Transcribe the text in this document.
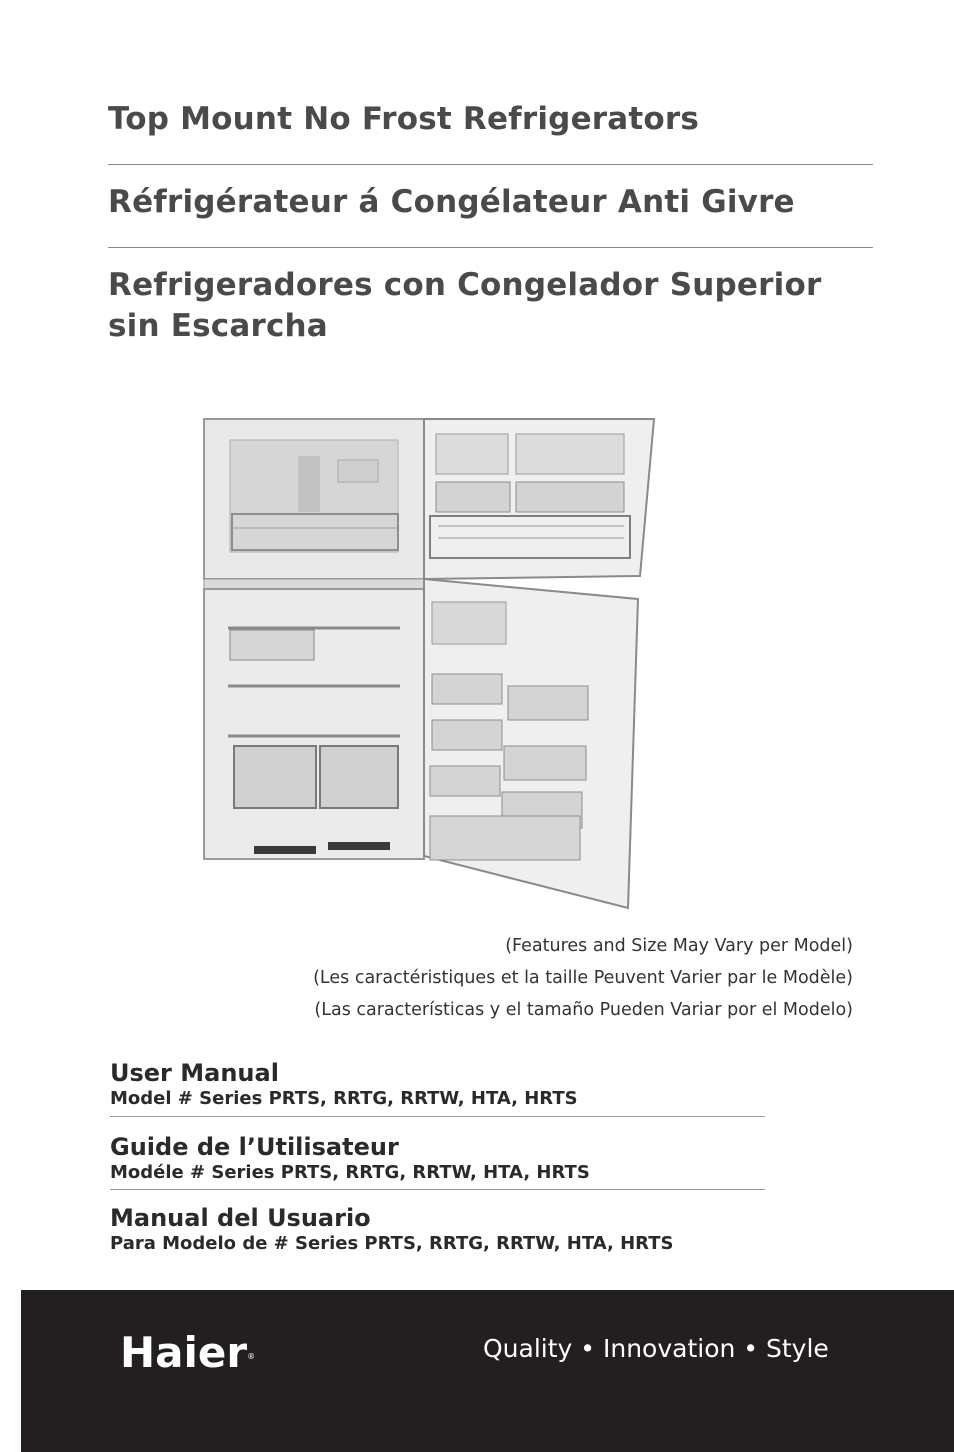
Top Mount No Frost Refrigerators
Réfrigérateur á Congélateur Anti Givre
Refrigeradores con Congelador Superior
sin Escarcha
(Features and Size May Vary per Model)
(Les caractéristiques et la taille Peuvent Varier par le Modèle)
(Las características y el tamaño Pueden Variar por el Modelo)
User Manual

Model # Series PRTS, RRTG, RRTW, HTA, HRTS

Guide de l’Utilisateur

Modéle # Series PRTS, RRTG, RRTW, HTA, HRTS

Manual del Usuario

Para Modelo de # Series PRTS, RRTG, RRTW, HTA, HRTS

Haier®	Quality • Innovation • Style
